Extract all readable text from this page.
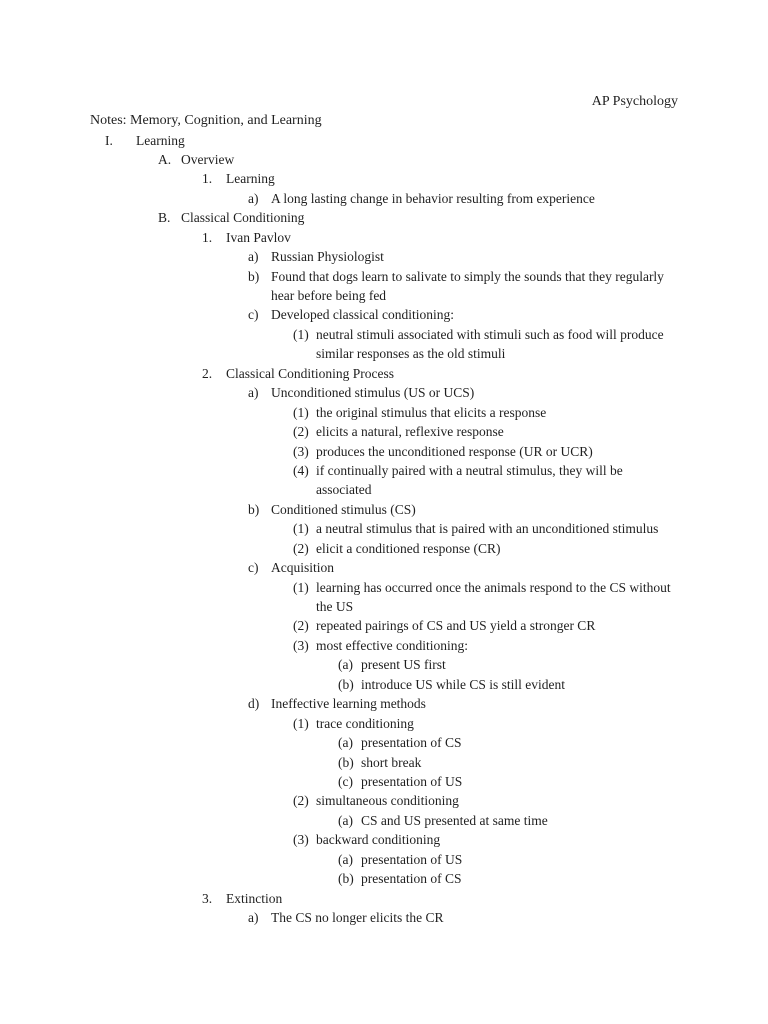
AP Psychology
Notes: Memory, Cognition, and Learning
I. Learning
A. Overview
1. Learning
a) A long lasting change in behavior resulting from experience
B. Classical Conditioning
1. Ivan Pavlov
a) Russian Physiologist
b) Found that dogs learn to salivate to simply the sounds that they regularly
hear before being fed
c) Developed classical conditioning:
(1) neutral stimuli associated with stimuli such as food will produce
similar responses as the old stimuli
2. Classical Conditioning Process
a) Unconditioned stimulus (US or UCS)
(1) the original stimulus that elicits a response
(2) elicits a natural, reflexive response
(3) produces the unconditioned response (UR or UCR)
(4) if continually paired with a neutral stimulus, they will be
associated
b) Conditioned stimulus (CS)
(1) a neutral stimulus that is paired with an unconditioned stimulus
(2) elicit a conditioned response (CR)
c) Acquisition
(1) learning has occurred once the animals respond to the CS without
the US
(2) repeated pairings of CS and US yield a stronger CR
(3) most effective conditioning:
(a) present US first
(b) introduce US while CS is still evident
d) Ineffective learning methods
(1) trace conditioning
(a) presentation of CS
(b) short break
(c) presentation of US
(2) simultaneous conditioning
(a) CS and US presented at same time
(3) backward conditioning
(a) presentation of US
(b) presentation of CS
3. Extinction
a) The CS no longer elicits the CR
